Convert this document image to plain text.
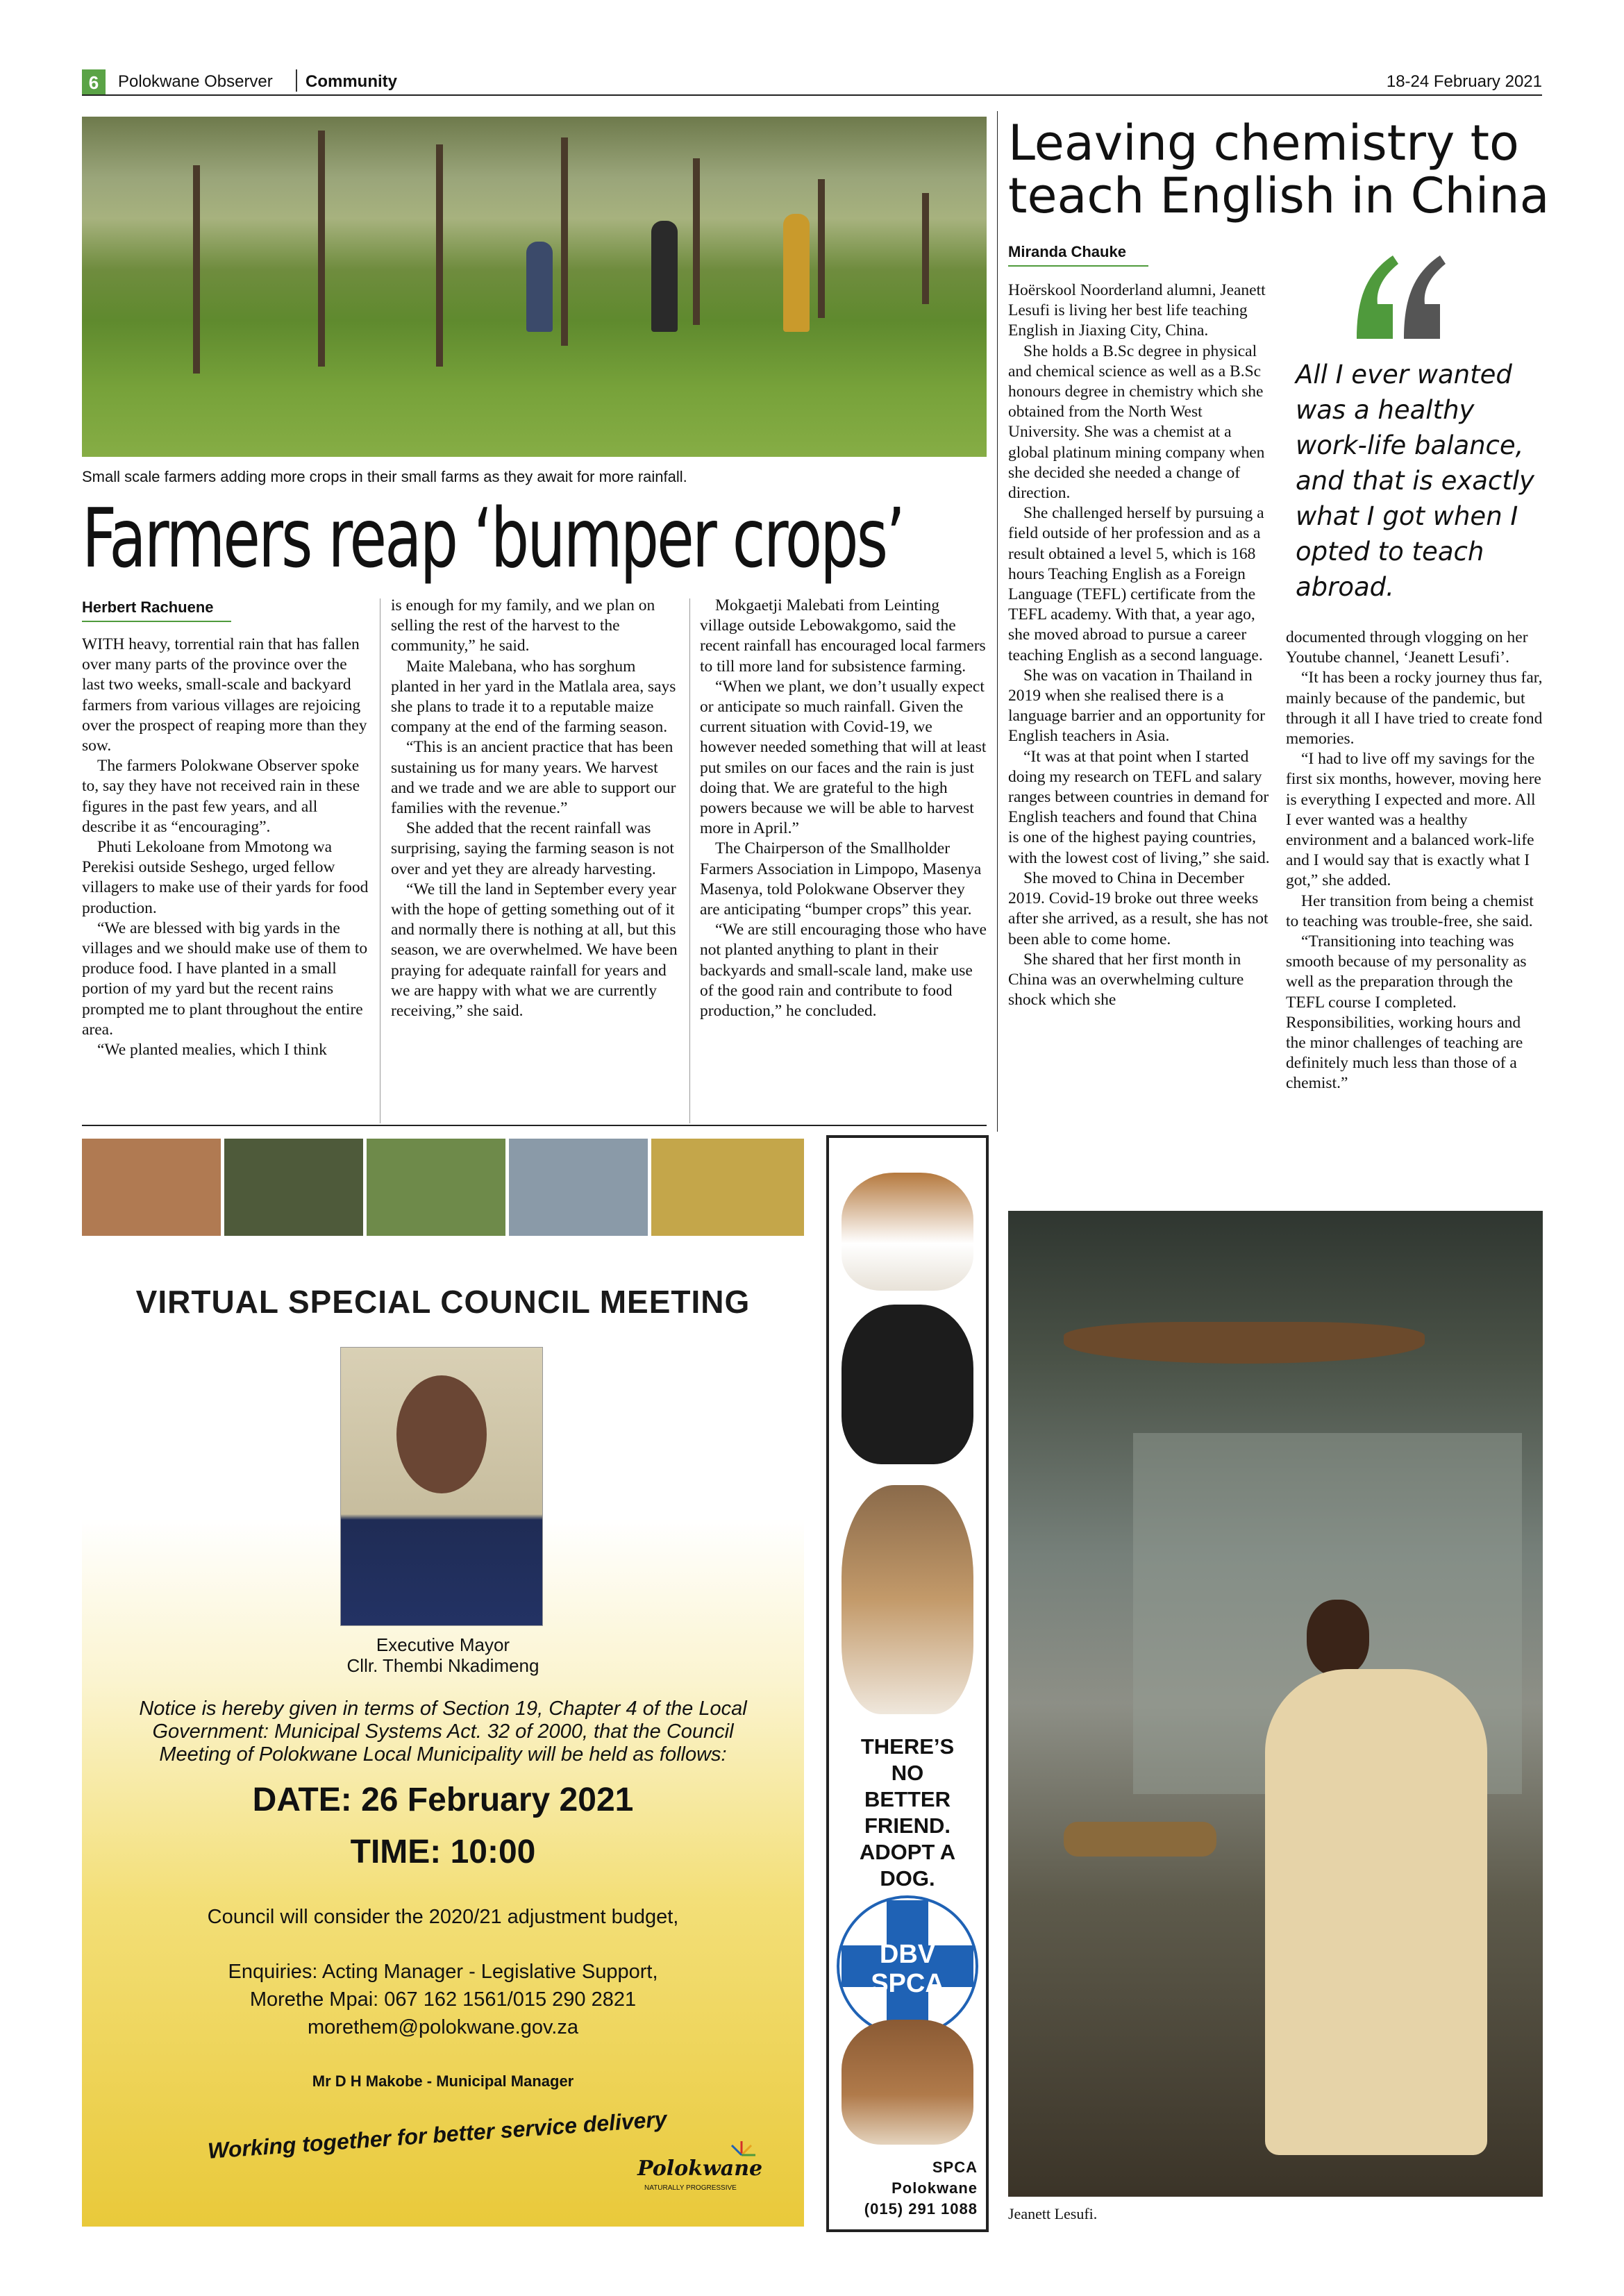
6	Polokwane Observer Community	18-24 February 2021
Small scale farmers adding more crops in their small farms as they await for more rainfall.
Farmers reap ‘bumper crops’
Herbert Rachuene

WITH heavy, torrential rain that has fallen over many parts of the province over the last two weeks, small-scale and backyard farmers from various villages are rejoicing over the prospect of reaping more than they sow.

The farmers Polokwane Observer spoke to, say they have not received rain in these figures in the past few years, and all describe it as “encouraging”.

Phuti Lekoloane from Mmotong wa Perekisi outside Seshego, urged fellow villagers to make use of their yards for food production.

“We are blessed with big yards in the villages and we should make use of them to produce food. I have planted in a small portion of my yard but the recent rains prompted me to plant throughout the entire area.

“We planted mealies, which I think

is enough for my family, and we plan on selling the rest of the harvest to the community,” he said.

Maite Malebana, who has sorghum planted in her yard in the Matlala area, says she plans to trade it to a reputable maize company at the end of the farming season.

“This is an ancient practice that has been sustaining us for many years. We harvest and we trade and we are able to support our families with the revenue.”

She added that the recent rainfall was surprising, saying the farming season is not over and yet they are already harvesting.

“We till the land in September every year with the hope of getting something out of it and normally there is nothing at all, but this season, we are overwhelmed. We have been praying for adequate rainfall for years and we are happy with what we are currently receiving,” she said.

Mokgaetji Malebati from Leinting village outside Lebowakgomo, said the recent rainfall has encouraged local farmers to till more land for subsistence farming.

“When we plant, we don’t usually expect or anticipate so much rainfall. Given the current situation with Covid-19, we however needed something that will at least put smiles on our faces and the rain is just doing that. We are grateful to the high powers because we will be able to harvest more in April.”

The Chairperson of the Smallholder Farmers Association in Limpopo, Masenya Masenya, told Polokwane Observer they are anticipating “bumper crops” this year.

“We are still encouraging those who have not planted anything to plant in their backyards and small-scale land, make use of the good rain and contribute to food production,” he concluded.

Leaving chemistry to teach English in China
Miranda Chauke

Hoërskool Noorderland alumni, Jeanett Lesufi is living her best life teaching English in Jiaxing City, China.

She holds a B.Sc degree in physical and chemical science as well as a B.Sc honours degree in chemistry which she obtained from the North West University. She was a chemist at a global platinum mining company when she decided she needed a change of direction.

She challenged herself by pursuing a field outside of her profession and as a result obtained a level 5, which is 168 hours Teaching English as a Foreign Language (TEFL) certificate from the TEFL academy. With that, a year ago, she moved abroad to pursue a career teaching English as a second language.

She was on vacation in Thailand in 2019 when she realised there is a language barrier and an opportunity for English teachers in Asia.

“It was at that point when I started doing my research on TEFL and salary ranges between countries in demand for English teachers and found that China is one of the highest paying countries, with the lowest cost of living,” she said.

She moved to China in December 2019. Covid-19 broke out three weeks after she arrived, as a result, she has not been able to come home.

She shared that her first month in China was an overwhelming culture shock which she

All I ever wanted was a healthy work-life balance, and that is exactly what I got when I opted to teach abroad.

documented through vlogging on her Youtube channel, ‘Jeanett Lesufi’.

“It has been a rocky journey thus far, mainly because of the pandemic, but through it all I have tried to create fond memories.

“I had to live off my savings for the first six months, however, moving here is everything I expected and more. All I ever wanted was a healthy environment and a balanced work-life and I would say that is exactly what I got,” she added.

Her transition from being a chemist to teaching was trouble-free, she said.

“Transitioning into teaching was smooth because of my personality as well as the preparation through the TEFL course I completed. Responsibilities, working hours and the minor challenges of teaching are definitely much less than those of a chemist.”

Jeanett Lesufi.
VIRTUAL SPECIAL COUNCIL MEETING
Executive Mayor
Cllr. Thembi Nkadimeng
Notice is hereby given in terms of Section 19, Chapter 4 of the Local Government: Municipal Systems Act. 32 of 2000, that the Council Meeting of Polokwane Local Municipality will be held as follows:
DATE: 26 February 2021
TIME: 10:00
Council will consider the 2020/21 adjustment budget,
Enquiries: Acting Manager - Legislative Support,
Morethe Mpai: 067 162 1561/015 290 2821
morethem@polokwane.gov.za
Mr D H Makobe - Municipal Manager
Working together for better service delivery
Polokwane
NATURALLY PROGRESSIVE
THERE’S
NO
BETTER
FRIEND.
ADOPT A
DOG.
DBV
SPCA
SPCA
Polokwane
(015) 291 1088
